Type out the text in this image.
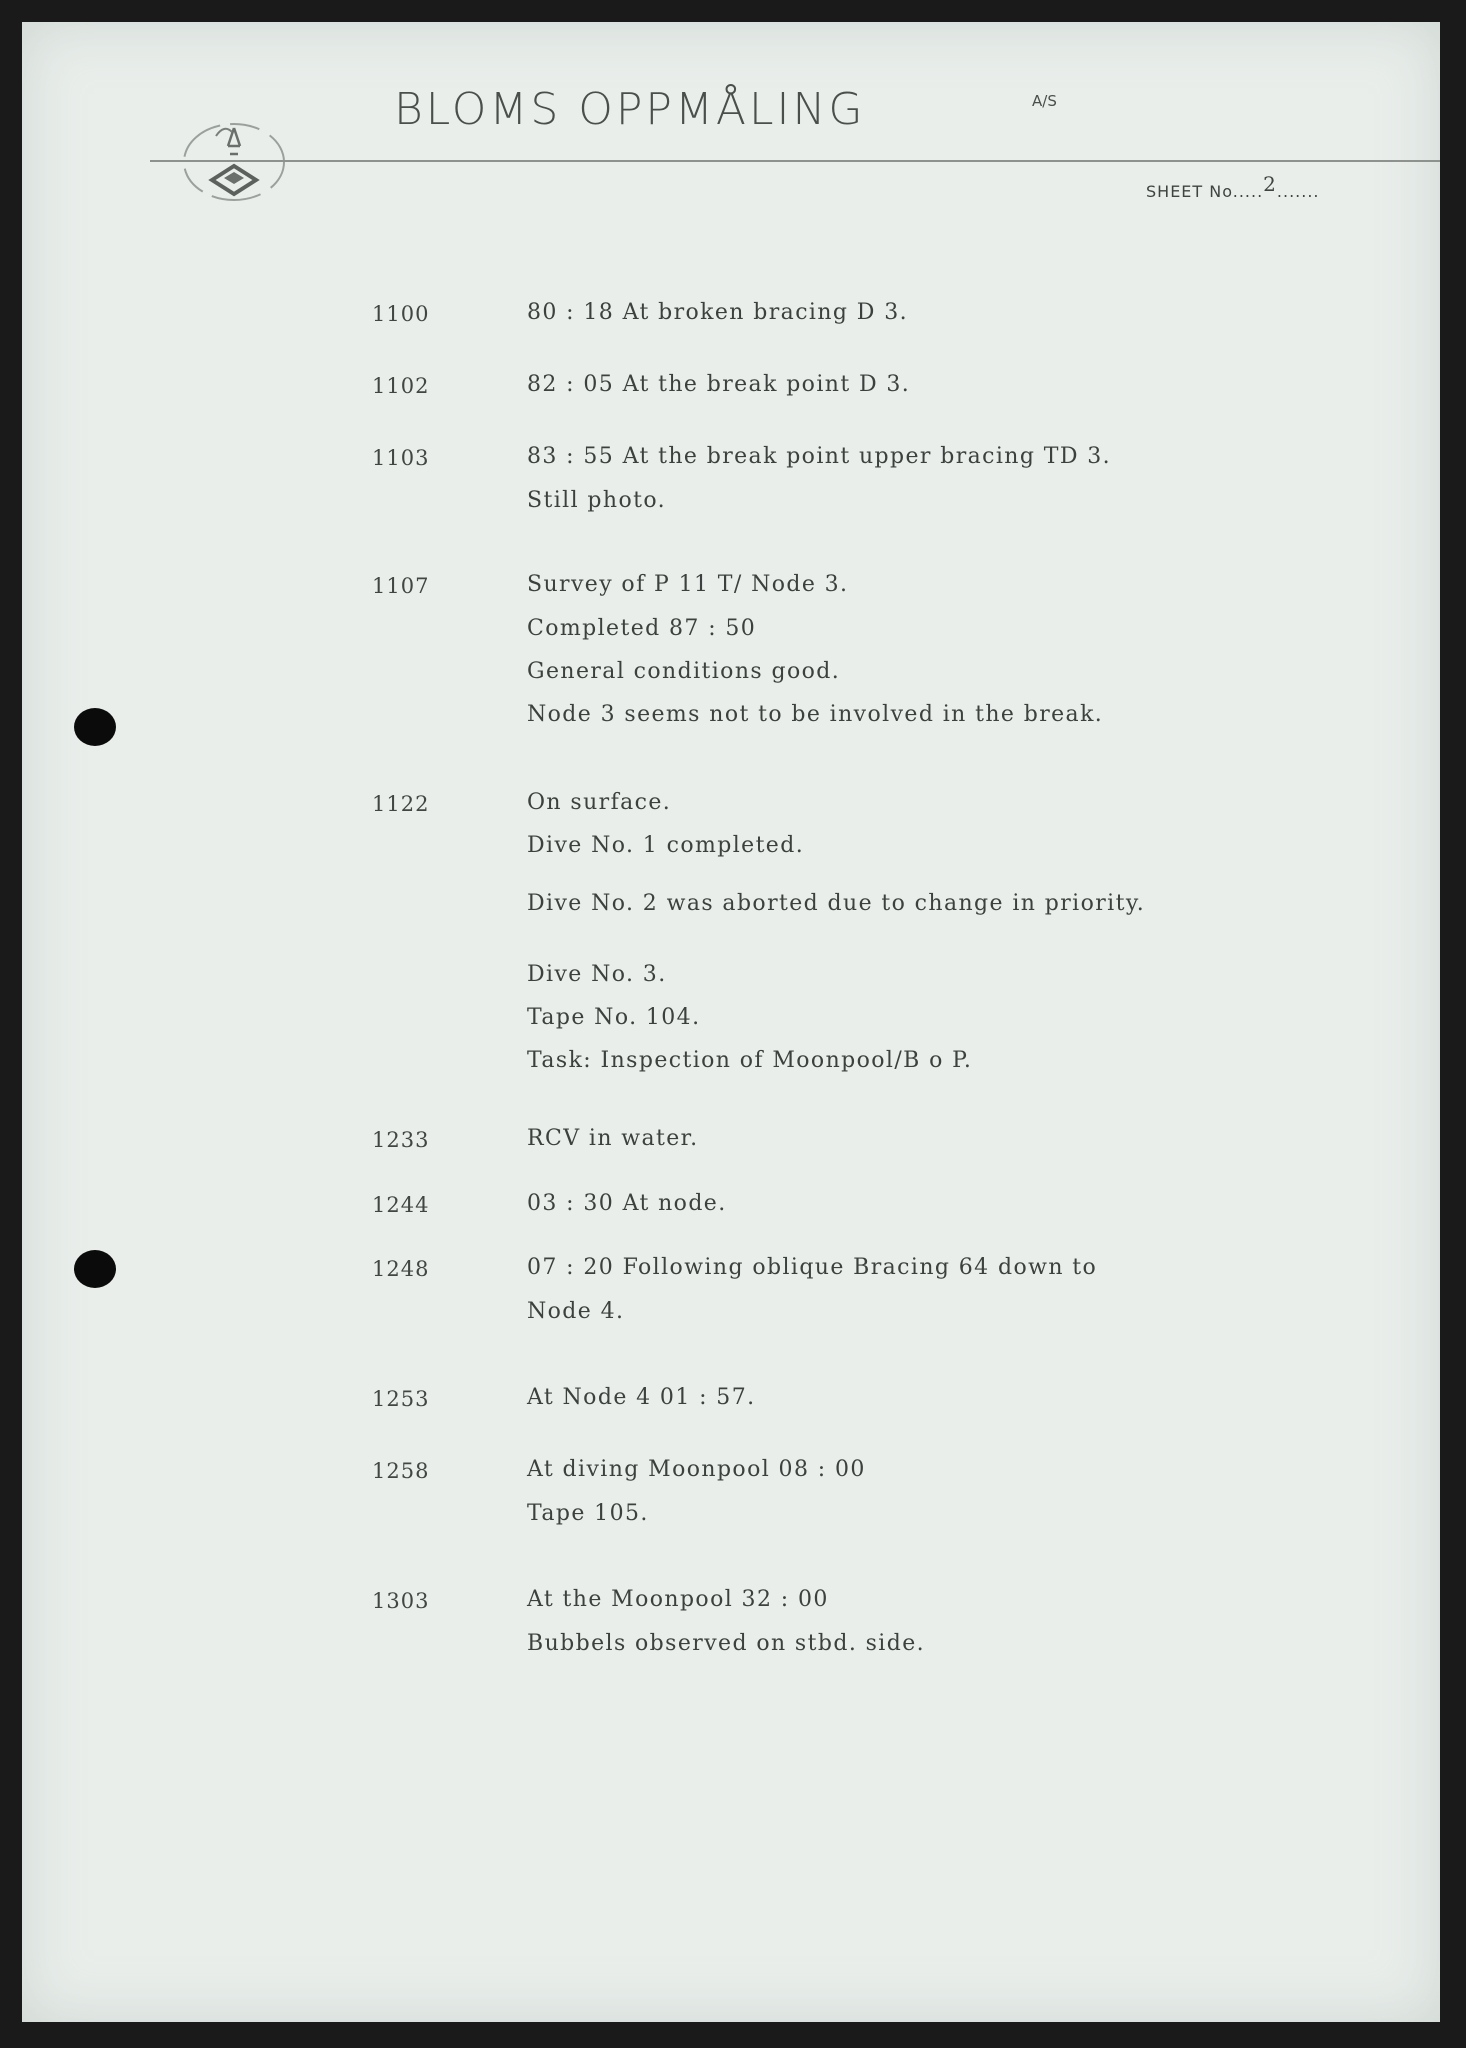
BLOMS OPPMÅLING	A/S
SHEET No.....2.......
1100	80 : 18 At broken bracing D 3.
1102	82 : 05 At the break point D 3.
1103	83 : 55 At the break point upper bracing TD 3.
Still photo.
1107	Survey of P 11 T/ Node 3.
Completed 87 : 50
General conditions good.
Node 3 seems not to be involved in the break.
1122	On surface.
Dive No. 1 completed.
Dive No. 2 was aborted due to change in priority.
Dive No. 3.
Tape No. 104.
Task: Inspection of Moonpool/B o P.
1233	RCV in water.
1244	03 : 30 At node.
1248	07 : 20 Following oblique Bracing 64 down to
Node 4.
1253	At Node 4 01 : 57.
1258	At diving Moonpool 08 : 00
Tape 105.
1303	At the Moonpool 32 : 00
Bubbels observed on stbd. side.
